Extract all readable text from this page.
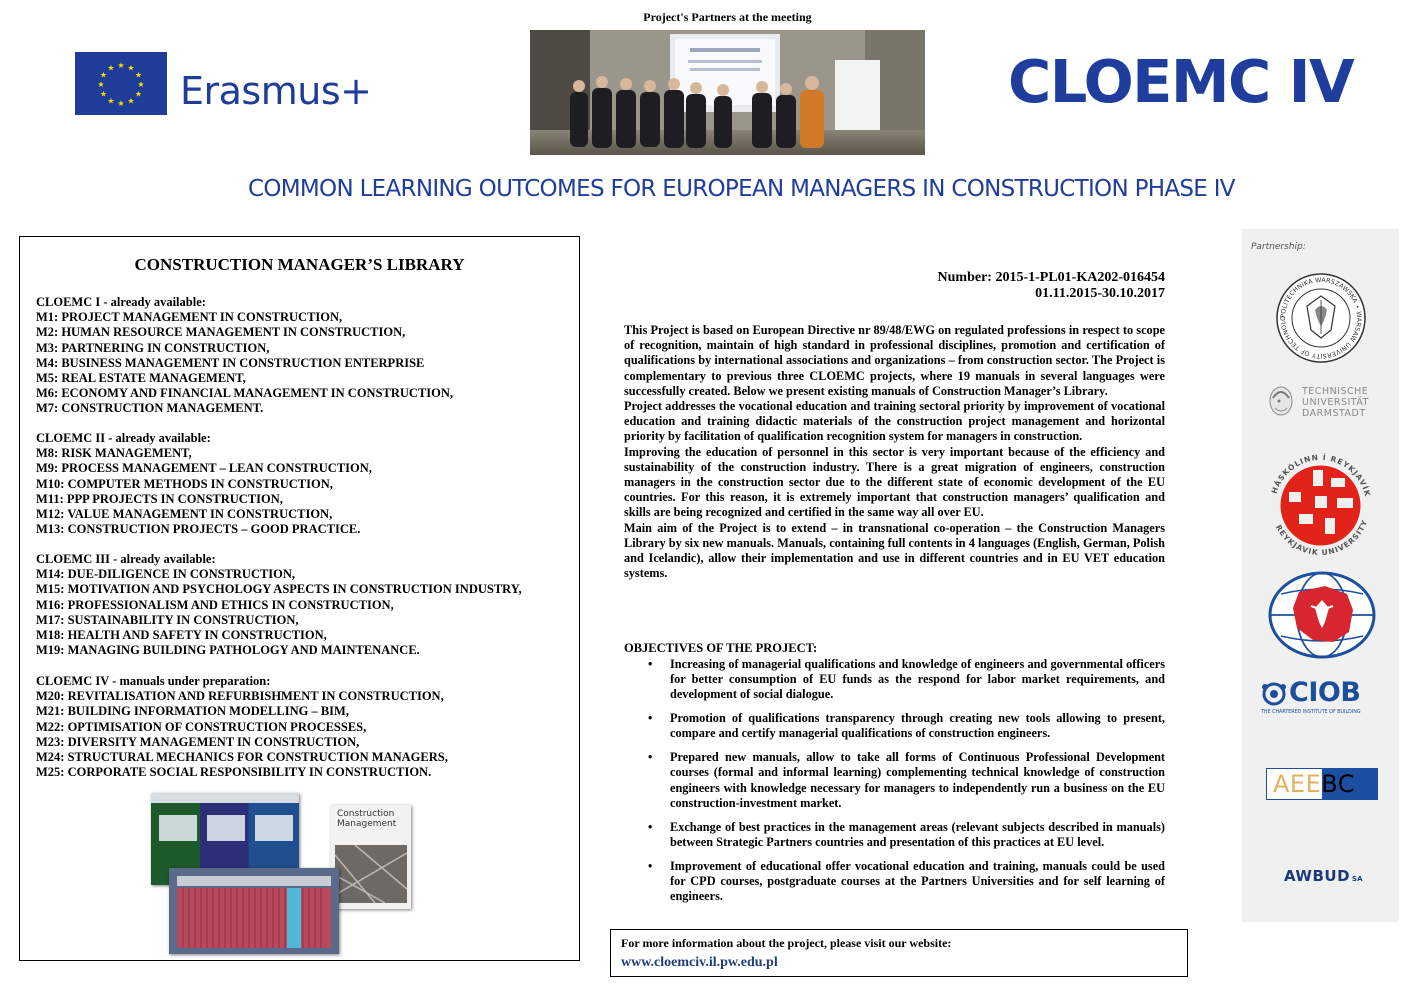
Project's Partners at the meeting
★ ★
★
★
★
★
★
★
★
★
★
★
Erasmus+	CLOEMC IV
COMMON LEARNING OUTCOMES FOR EUROPEAN MANAGERS IN CONSTRUCTION PHASE IV
CONSTRUCTION MANAGER’S LIBRARY
CLOEMC I - already available:
M1: PROJECT MANAGEMENT IN CONSTRUCTION,
M2: HUMAN RESOURCE MANAGEMENT IN CONSTRUCTION,
M3: PARTNERING IN CONSTRUCTION,
M4: BUSINESS MANAGEMENT IN CONSTRUCTION ENTERPRISE
M5: REAL ESTATE MANAGEMENT,
M6: ECONOMY AND FINANCIAL MANAGEMENT IN CONSTRUCTION,
M7: CONSTRUCTION MANAGEMENT.
CLOEMC II - already available:
M8: RISK MANAGEMENT,
M9: PROCESS MANAGEMENT – LEAN CONSTRUCTION,
M10: COMPUTER METHODS IN CONSTRUCTION,
M11: PPP PROJECTS IN CONSTRUCTION,
M12: VALUE MANAGEMENT IN CONSTRUCTION,
M13: CONSTRUCTION PROJECTS – GOOD PRACTICE.
CLOEMC III - already available:
M14: DUE-DILIGENCE IN CONSTRUCTION,
M15: MOTIVATION AND PSYCHOLOGY ASPECTS IN CONSTRUCTION INDUSTRY,
M16: PROFESSIONALISM AND ETHICS IN CONSTRUCTION,
M17: SUSTAINABILITY IN CONSTRUCTION,
M18: HEALTH AND SAFETY IN CONSTRUCTION,
M19: MANAGING BUILDING PATHOLOGY AND MAINTENANCE.
CLOEMC IV - manuals under preparation:
M20: REVITALISATION AND REFURBISHMENT IN CONSTRUCTION,
M21: BUILDING INFORMATION MODELLING – BIM,
M22: OPTIMISATION OF CONSTRUCTION PROCESSES,
M23: DIVERSITY MANAGEMENT IN CONSTRUCTION,
M24: STRUCTURAL MECHANICS FOR CONSTRUCTION MANAGERS,
M25: CORPORATE SOCIAL RESPONSIBILITY IN CONSTRUCTION.
Construction Management
Number: 2015-1-PL01-KA202-016454
01.11.2015-30.10.2017

This Project is based on European Directive nr 89/48/EWG on regulated professions in respect to scope of recognition, maintain of high standard in professional disciplines, promotion and certification of qualifications by international associations and organizations – from construction sector. The Project is complementary to previous three CLOEMC projects, where 19 manuals in several languages were successfully created. Below we present existing manuals of Construction Manager’s Library.

Project addresses the vocational education and training sectoral priority by improvement of vocational education and training didactic materials of the construction project management and horizontal priority by facilitation of qualification recognition system for managers in construction.

Improving the education of personnel in this sector is very important because of the efficiency and sustainability of the construction industry. There is a great migration of engineers, construction managers in the construction sector due to the different state of economic development of the EU countries. For this reason, it is extremely important that construction managers’ qualification and skills are being recognized and certified in the same way all over EU.

Main aim of the Project is to extend – in transnational co-operation – the Construction Managers Library by six new manuals. Manuals, containing full contents in 4 languages (English, German, Polish and Icelandic), allow their implementation and use in different countries and in EU VET education systems.

OBJECTIVES OF THE PROJECT:
• Increasing of managerial qualifications and knowledge of engineers and governmental officers for better consumption of EU funds as the respond for labor market requirements, and development of social dialogue.
• Promotion of qualifications transparency through creating new tools allowing to present, compare and certify managerial qualifications of construction engineers.
• Prepared new manuals, allow to take all forms of Continuous Professional Development courses (formal and informal learning) complementing technical knowledge of construction engineers with knowledge necessary for managers to independently run a business on the EU construction-investment market.
• Exchange of best practices in the management areas (relevant subjects described in manuals) between Strategic Partners countries and presentation of this practices at EU level.
• Improvement of educational offer vocational education and training, manuals could be used for CPD courses, postgraduate courses at the Partners Universities and for self learning of engineers.
For more information about the project, please visit our website:
www.cloemciv.il.pw.edu.pl
Partnership:
POLITECHNIKA WARSZAWSKA • WARSAW UNIVERSITY OF TECHNOLO
TECHNISCHE
UNIVERSITÄT
DARMSTADT
HÁSKÓLINN Í REYKJAVÍK
REYKJAVIK UNIVERSITY
CIOB
THE CHARTERED INSTITUTE OF BUILDING
AEEBC
AWBUD SA
